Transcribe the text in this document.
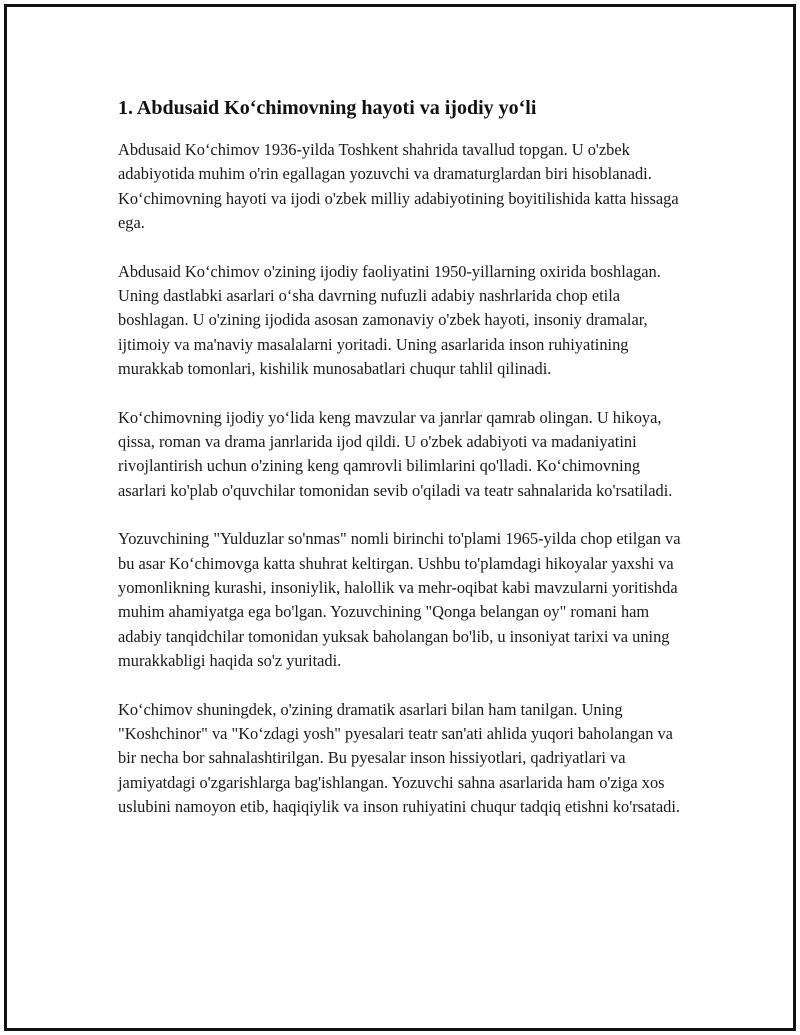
1. Abdusaid Ko‘chimovning hayoti va ijodiy yo‘li

Abdusaid Ko‘chimov 1936-yilda Toshkent shahrida tavallud topgan. U o'zbek adabiyotida muhim o'rin egallagan yozuvchi va dramaturglardan biri hisoblanadi. Ko‘chimovning hayoti va ijodi o'zbek milliy adabiyotining boyitilishida katta hissaga ega.

Abdusaid Ko‘chimov o'zining ijodiy faoliyatini 1950-yillarning oxirida boshlagan. Uning dastlabki asarlari o‘sha davrning nufuzli adabiy nashrlarida chop etila boshlagan. U o'zining ijodida asosan zamonaviy o'zbek hayoti, insoniy dramalar, ijtimoiy va ma'naviy masalalarni yoritadi. Uning asarlarida inson ruhiyatining murakkab tomonlari, kishilik munosabatlari chuqur tahlil qilinadi.

Ko‘chimovning ijodiy yo‘lida keng mavzular va janrlar qamrab olingan. U hikoya, qissa, roman va drama janrlarida ijod qildi. U o'zbek adabiyoti va madaniyatini rivojlantirish uchun o'zining keng qamrovli bilimlarini qo'lladi. Ko‘chimovning asarlari ko'plab o'quvchilar tomonidan sevib o'qiladi va teatr sahnalarida ko'rsatiladi.

Yozuvchining "Yulduzlar so'nmas" nomli birinchi to'plami 1965-yilda chop etilgan va bu asar Ko‘chimovga katta shuhrat keltirgan. Ushbu to'plamdagi hikoyalar yaxshi va yomonlikning kurashi, insoniylik, halollik va mehr-oqibat kabi mavzularni yoritishda muhim ahamiyatga ega bo'lgan. Yozuvchining "Qonga belangan oy" romani ham adabiy tanqidchilar tomonidan yuksak baholangan bo'lib, u insoniyat tarixi va uning murakkabligi haqida so'z yuritadi.

Ko‘chimov shuningdek, o'zining dramatik asarlari bilan ham tanilgan. Uning "Koshchinor" va "Ko‘zdagi yosh" pyesalari teatr san'ati ahlida yuqori baholangan va bir necha bor sahnalashtirilgan. Bu pyesalar inson hissiyotlari, qadriyatlari va jamiyatdagi o'zgarishlarga bag'ishlangan. Yozuvchi sahna asarlarida ham o'ziga xos uslubini namoyon etib, haqiqiylik va inson ruhiyatini chuqur tadqiq etishni ko'rsatadi.
